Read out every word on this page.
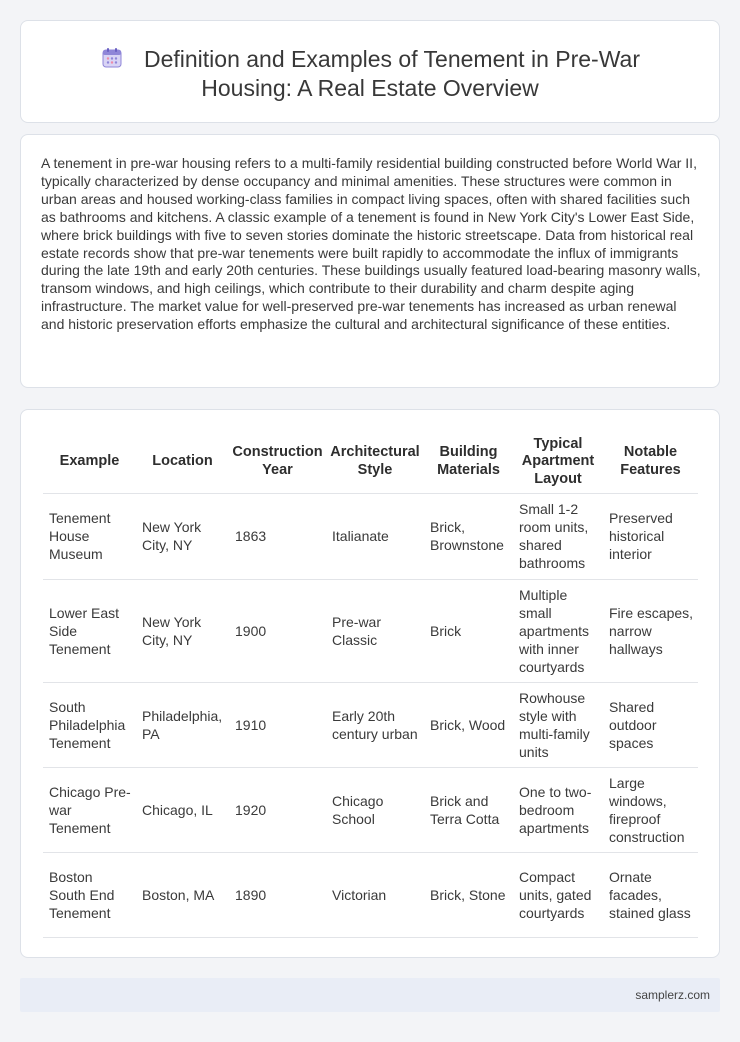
Definition and Examples of Tenement in Pre-War
Housing: A Real Estate Overview

A tenement in pre-war housing refers to a multi-family residential building constructed before World War II, typically characterized by dense occupancy and minimal amenities. These structures were common in urban areas and housed working-class families in compact living spaces, often with shared facilities such as bathrooms and kitchens. A classic example of a tenement is found in New York City's Lower East Side, where brick buildings with five to seven stories dominate the historic streetscape. Data from historical real estate records show that pre-war tenements were built rapidly to accommodate the influx of immigrants during the late 19th and early 20th centuries. These buildings usually featured load-bearing masonry walls, transom windows, and high ceilings, which contribute to their durability and charm despite aging infrastructure. The market value for well-preserved pre-war tenements has increased as urban renewal and historic preservation efforts emphasize the cultural and architectural significance of these entities.

Example	Location	Construction Year	Architectural Style	Building Materials	Typical Apartment Layout	Notable Features
Tenement House Museum	New York City, NY	1863	Italianate	Brick, Brownstone	Small 1-2 room units, shared bathrooms	Preserved historical interior
Lower East Side Tenement	New York City, NY	1900	Pre-war Classic	Brick	Multiple small apartments with inner courtyards	Fire escapes, narrow hallways
South Philadelphia Tenement	Philadelphia, PA	1910	Early 20th century urban	Brick, Wood	Rowhouse style with multi-family units	Shared outdoor spaces
Chicago Pre-war Tenement	Chicago, IL	1920	Chicago School	Brick and Terra Cotta	One to two-bedroom apartments	Large windows, fireproof construction
Boston South End Tenement	Boston, MA	1890	Victorian	Brick, Stone	Compact units, gated courtyards	Ornate facades, stained glass
samplerz.com
